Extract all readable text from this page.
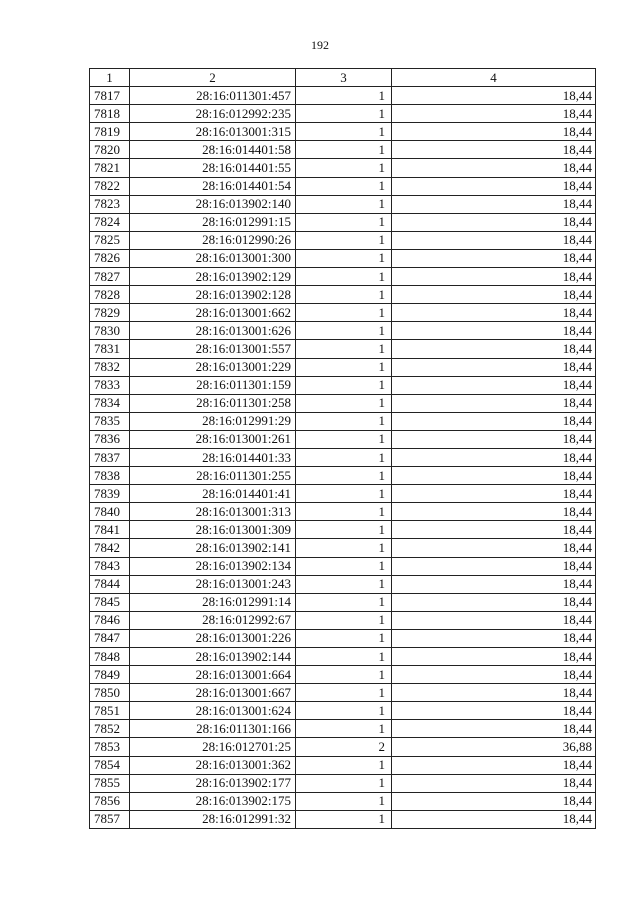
192
1	2	3	4
7817	28:16:011301:457	1	18,44
7818	28:16:012992:235	1	18,44
7819	28:16:013001:315	1	18,44
7820	28:16:014401:58	1	18,44
7821	28:16:014401:55	1	18,44
7822	28:16:014401:54	1	18,44
7823	28:16:013902:140	1	18,44
7824	28:16:012991:15	1	18,44
7825	28:16:012990:26	1	18,44
7826	28:16:013001:300	1	18,44
7827	28:16:013902:129	1	18,44
7828	28:16:013902:128	1	18,44
7829	28:16:013001:662	1	18,44
7830	28:16:013001:626	1	18,44
7831	28:16:013001:557	1	18,44
7832	28:16:013001:229	1	18,44
7833	28:16:011301:159	1	18,44
7834	28:16:011301:258	1	18,44
7835	28:16:012991:29	1	18,44
7836	28:16:013001:261	1	18,44
7837	28:16:014401:33	1	18,44
7838	28:16:011301:255	1	18,44
7839	28:16:014401:41	1	18,44
7840	28:16:013001:313	1	18,44
7841	28:16:013001:309	1	18,44
7842	28:16:013902:141	1	18,44
7843	28:16:013902:134	1	18,44
7844	28:16:013001:243	1	18,44
7845	28:16:012991:14	1	18,44
7846	28:16:012992:67	1	18,44
7847	28:16:013001:226	1	18,44
7848	28:16:013902:144	1	18,44
7849	28:16:013001:664	1	18,44
7850	28:16:013001:667	1	18,44
7851	28:16:013001:624	1	18,44
7852	28:16:011301:166	1	18,44
7853	28:16:012701:25	2	36,88
7854	28:16:013001:362	1	18,44
7855	28:16:013902:177	1	18,44
7856	28:16:013902:175	1	18,44
7857	28:16:012991:32	1	18,44
